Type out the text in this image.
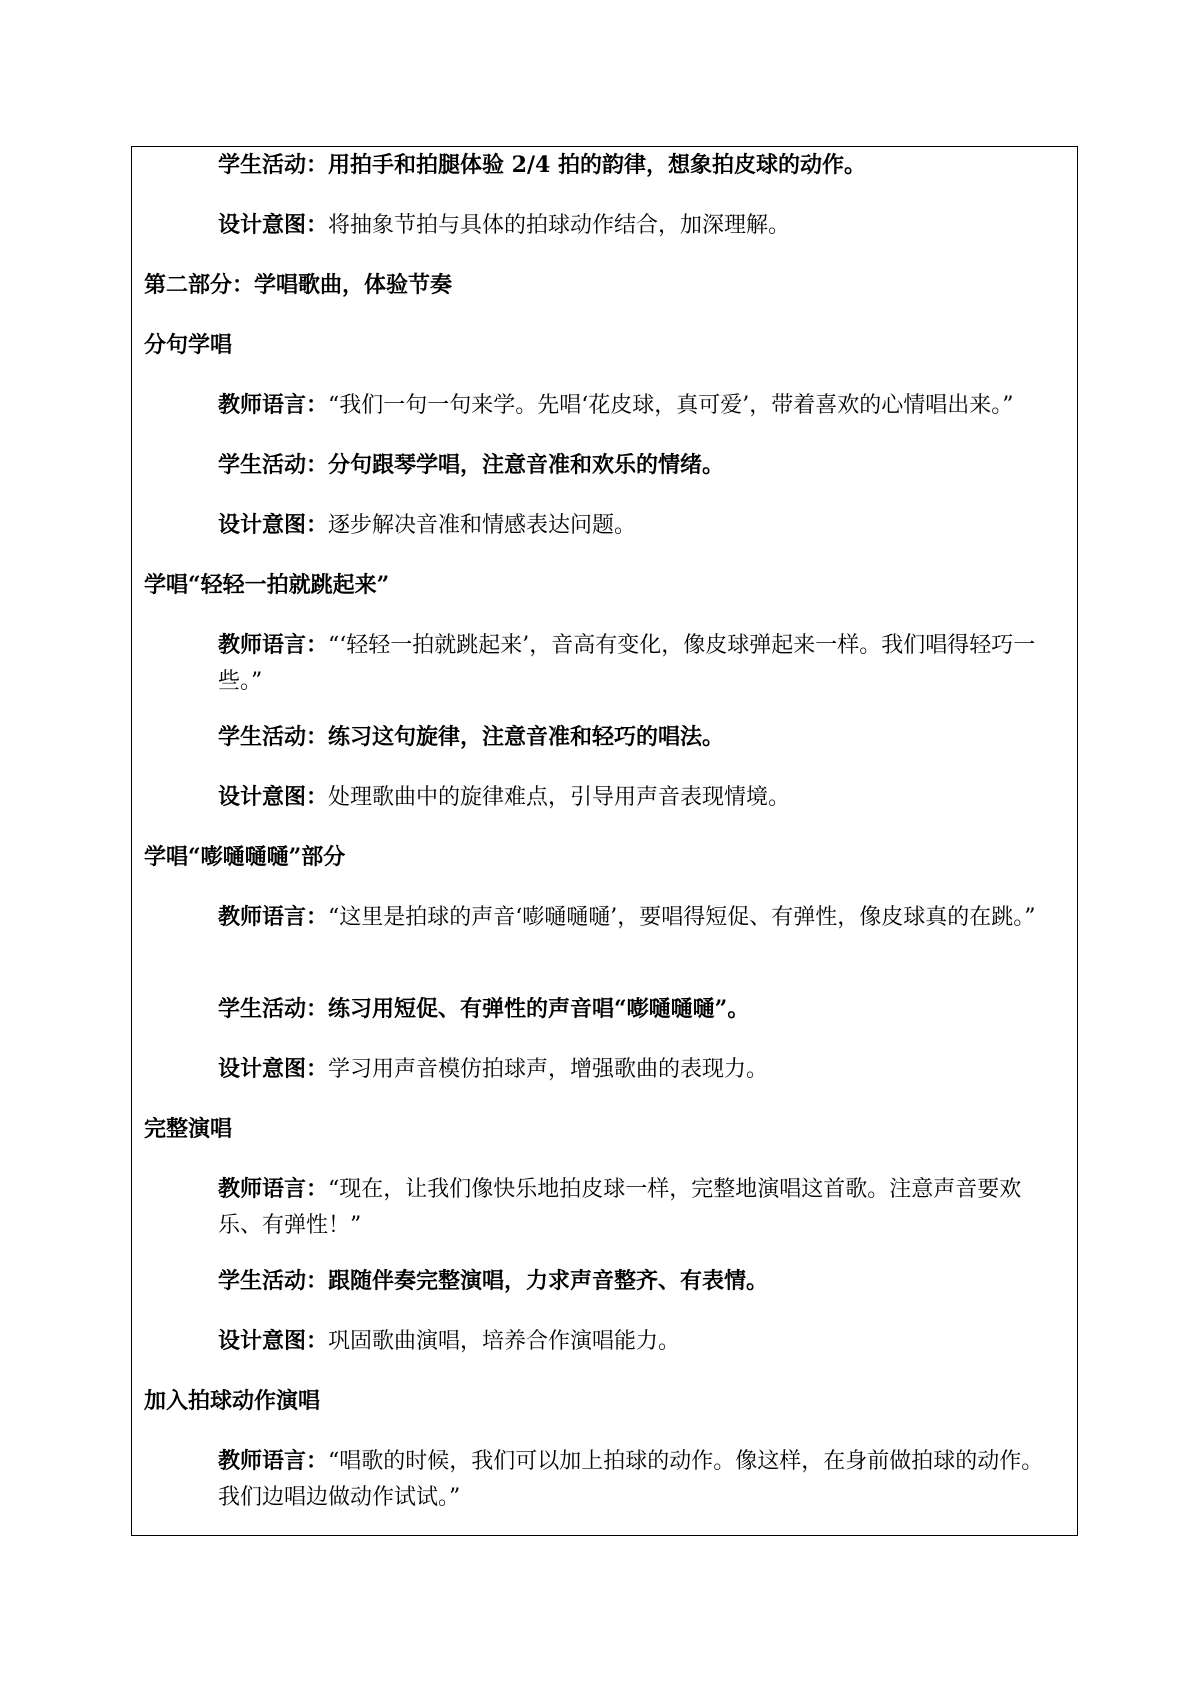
学生活动：用拍手和拍腿体验 2/4 拍的韵律，想象拍皮球的动作。
设计意图：将抽象节拍与具体的拍球动作结合，加深理解。
第二部分：学唱歌曲，体验节奏
分句学唱
教师语言：“我们一句一句来学。先唱‘花皮球，真可爱’，带着喜欢的心情唱出来。”
学生活动：分句跟琴学唱，注意音准和欢乐的情绪。
设计意图：逐步解决音准和情感表达问题。
学唱“轻轻一拍就跳起来”
教师语言：“‘轻轻一拍就跳起来’，音高有变化，像皮球弹起来一样。我们唱得轻巧一些。”
学生活动：练习这句旋律，注意音准和轻巧的唱法。
设计意图：处理歌曲中的旋律难点，引导用声音表现情境。
学唱“嘭嗵嗵嗵”部分
教师语言：“这里是拍球的声音‘嘭嗵嗵嗵’，要唱得短促、有弹性，像皮球真的在跳。”
学生活动：练习用短促、有弹性的声音唱“嘭嗵嗵嗵”。
设计意图：学习用声音模仿拍球声，增强歌曲的表现力。
完整演唱
教师语言：“现在，让我们像快乐地拍皮球一样，完整地演唱这首歌。注意声音要欢乐、有弹性！”
学生活动：跟随伴奏完整演唱，力求声音整齐、有表情。
设计意图：巩固歌曲演唱，培养合作演唱能力。
加入拍球动作演唱
教师语言：“唱歌的时候，我们可以加上拍球的动作。像这样，在身前做拍球的动作。我们边唱边做动作试试。”
